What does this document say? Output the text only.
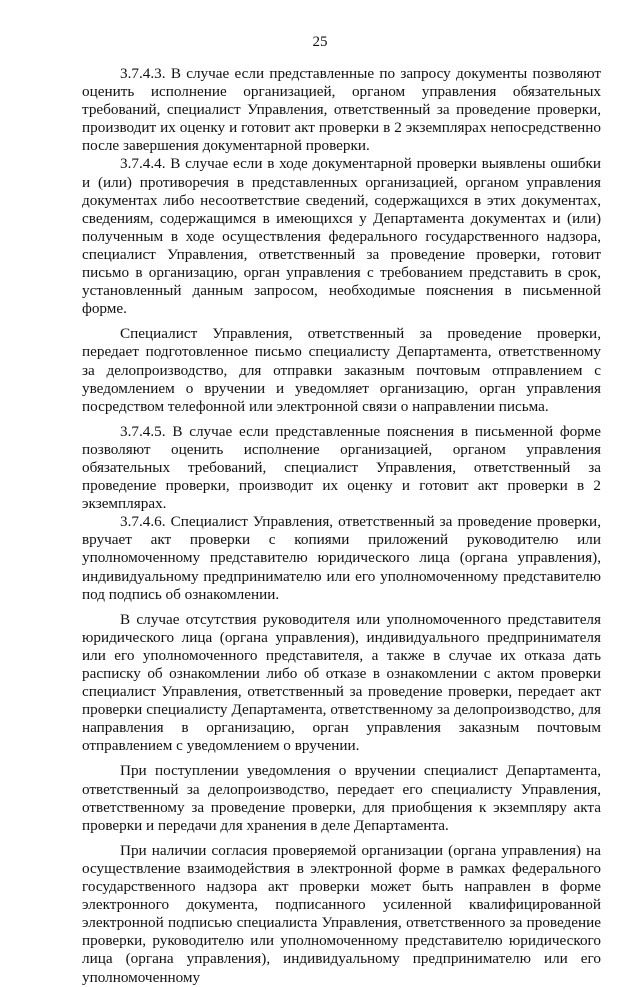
25

3.7.4.3. В случае если представленные по запросу документы позволяют оценить исполнение организацией, органом управления обязательных требований, специалист Управления, ответственный за проведение проверки, производит их оценку и готовит акт проверки в 2 экземплярах непосредственно после завершения документарной проверки.

3.7.4.4. В случае если в ходе документарной проверки выявлены ошибки и (или) противоречия в представленных организацией, органом управления документах либо несоответствие сведений, содержащихся в этих документах, сведениям, содержащимся в имеющихся у Департамента документах и (или) полученным в ходе осуществления федерального государственного надзора, специалист Управления, ответственный за проведение проверки, готовит письмо в организацию, орган управления с требованием представить в срок, установленный данным запросом, необходимые пояснения в письменной форме.

Специалист Управления, ответственный за проведение проверки, передает подготовленное письмо специалисту Департамента, ответственному за делопроизводство, для отправки заказным почтовым отправлением с уведомлением о вручении и уведомляет организацию, орган управления посредством телефонной или электронной связи о направлении письма.

3.7.4.5. В случае если представленные пояснения в письменной форме позволяют оценить исполнение организацией, органом управления обязательных требований, специалист Управления, ответственный за проведение проверки, производит их оценку и готовит акт проверки в 2 экземплярах.

3.7.4.6. Специалист Управления, ответственный за проведение проверки, вручает акт проверки с копиями приложений руководителю или уполномоченному представителю юридического лица (органа управления), индивидуальному предпринимателю или его уполномоченному представителю под подпись об ознакомлении.

В случае отсутствия руководителя или уполномоченного представителя юридического лица (органа управления), индивидуального предпринимателя или его уполномоченного представителя, а также в случае их отказа дать расписку об ознакомлении либо об отказе в ознакомлении с актом проверки специалист Управления, ответственный за проведение проверки, передает акт проверки специалисту Департамента, ответственному за делопроизводство, для направления в организацию, орган управления заказным почтовым отправлением с уведомлением о вручении.

При поступлении уведомления о вручении специалист Департамента, ответственный за делопроизводство, передает его специалисту Управления, ответственному за проведение проверки, для приобщения к экземпляру акта проверки и передачи для хранения в деле Департамента.

При наличии согласия проверяемой организации (органа управления) на осуществление взаимодействия в электронной форме в рамках федерального государственного надзора акт проверки может быть направлен в форме электронного документа, подписанного усиленной квалифицированной электронной подписью специалиста Управления, ответственного за проведение проверки, руководителю или уполномоченному представителю юридического лица (органа управления), индивидуальному предпринимателю или его уполномоченному
